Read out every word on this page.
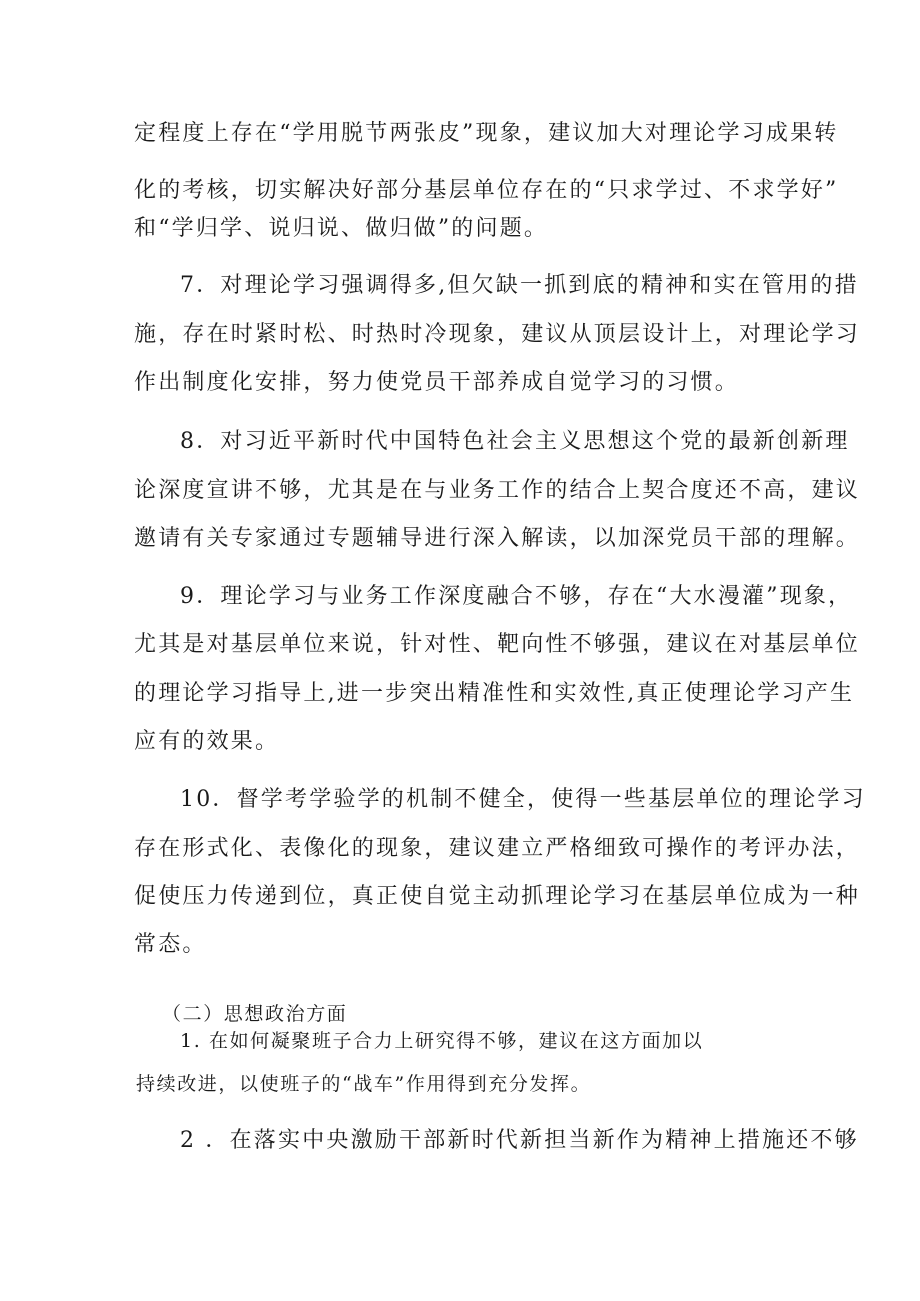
定程度上存在“学用脱节两张皮”现象，建议加大对理论学习成果转
化的考核，切实解决好部分基层单位存在的“只求学过、不求学好”
和“学归学、说归说、做归做”的问题。
7．对理论学习强调得多,但欠缺一抓到底的精神和实在管用的措
施，存在时紧时松、时热时冷现象，建议从顶层设计上，对理论学习
作出制度化安排，努力使党员干部养成自觉学习的习惯。
8．对习近平新时代中国特色社会主义思想这个党的最新创新理
论深度宣讲不够，尤其是在与业务工作的结合上契合度还不高，建议
邀请有关专家通过专题辅导进行深入解读，以加深党员干部的理解。
9．理论学习与业务工作深度融合不够，存在“大水漫灌”现象，
尤其是对基层单位来说，针对性、靶向性不够强，建议在对基层单位
的理论学习指导上,进一步突出精准性和实效性,真正使理论学习产生
应有的效果。
10．督学考学验学的机制不健全，使得一些基层单位的理论学习
存在形式化、表像化的现象，建议建立严格细致可操作的考评办法，
促使压力传递到位，真正使自觉主动抓理论学习在基层单位成为一种
常态。
（二）思想政治方面
1. 在如何凝聚班子合力上研究得不够，建议在这方面加以
持续改进，以使班子的“战车”作用得到充分发挥。
2 ．在落实中央激励干部新时代新担当新作为精神上措施还不够
